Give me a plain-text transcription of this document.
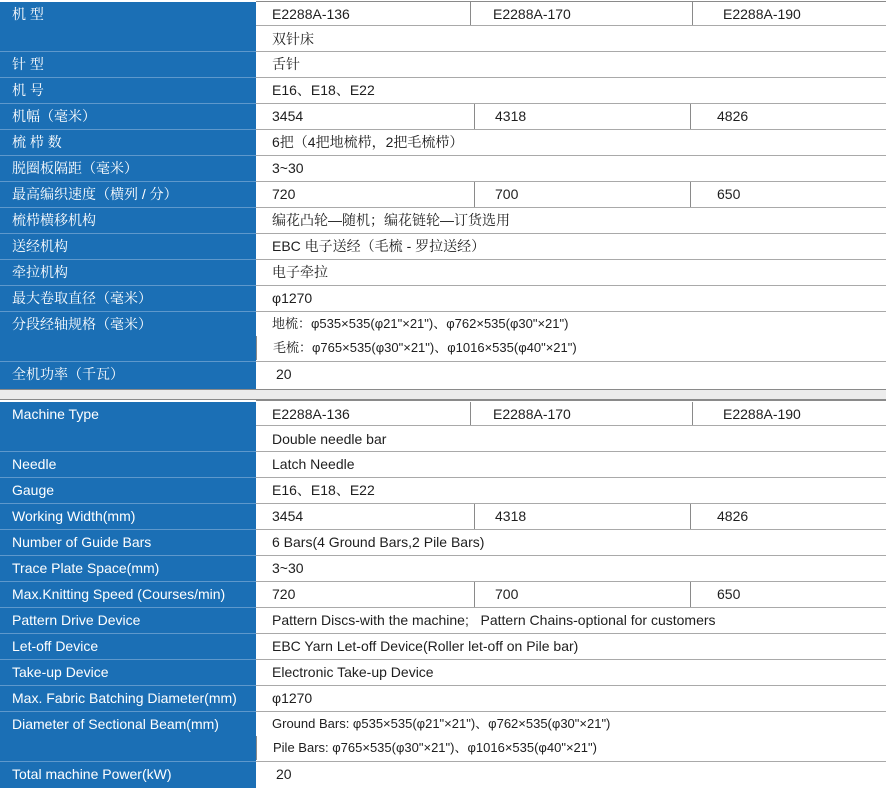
机 型	E2288A-136	E2288A-170	E2288A-190
双针床
针 型	舌针
机 号	E16、E18、E22
机幅（毫米）	3454	4318	4826
梳 栉 数	6把（4把地梳栉，2把毛梳栉）
脱圈板隔距（毫米）	3~30
最高编织速度（横列 / 分）	720	700	650
梳栉横移机构	编花凸轮—随机；编花链轮—订货选用
送经机构	EBC 电子送经（毛梳 - 罗拉送经）
牵拉机构	电子牵拉
最大卷取直径（毫米）	φ1270
分段经轴规格（毫米）	地梳：φ535×535(φ21"×21")、φ762×535(φ30"×21")
毛梳：φ765×535(φ30"×21")、φ1016×535(φ40"×21")
全机功率（千瓦）	20
Machine Type	E2288A-136	E2288A-170	E2288A-190
Double needle bar
Needle	Latch Needle
Gauge	E16、E18、E22
Working Width(mm)	3454	4318	4826
Number of Guide Bars	6 Bars(4 Ground Bars,2 Pile Bars)
Trace Plate Space(mm)	3~30
Max.Knitting Speed (Courses/min)	720	700	650
Pattern Drive Device	Pattern Discs-with the machine;   Pattern Chains-optional for customers
Let-off Device	EBC Yarn Let-off Device(Roller let-off on Pile bar)
Take-up Device	Electronic Take-up Device
Max. Fabric Batching Diameter(mm)	φ1270
Diameter of Sectional Beam(mm)	Ground Bars: φ535×535(φ21"×21")、φ762×535(φ30"×21")
Pile Bars: φ765×535(φ30"×21")、φ1016×535(φ40"×21")
Total machine Power(kW)	20
